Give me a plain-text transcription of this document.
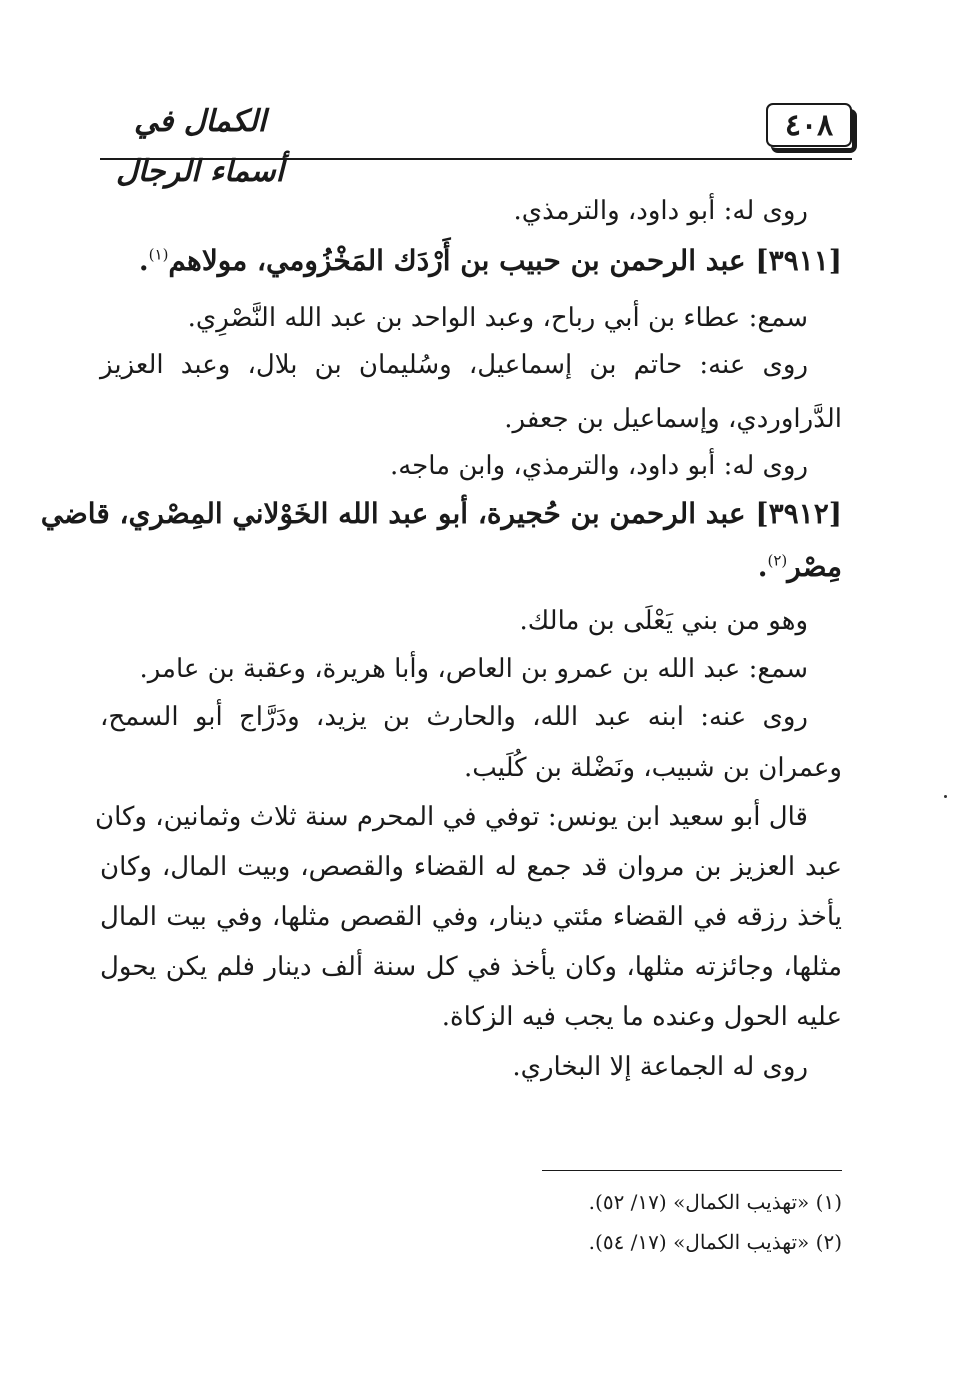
الكمال في أسماء الرجال
٤٠٨
روى له: أبو داود، والترمذي.
[٣٩١١] عبد الرحمن بن حبيب بن أَرْدَك المَخْزُومي، مولاهم$^{(١)}$.
سمع: عطاء بن أبي رباح، وعبد الواحد بن عبد الله النَّصْرِي.
روى عنه: حاتم بن إسماعيل، وسُليمان بن بلال، وعبد العزيز
الدَّراوردي، وإسماعيل بن جعفر.
روى له: أبو داود، والترمذي، وابن ماجه.
[٣٩١٢] عبد الرحمن بن حُجيرة، أبو عبد الله الخَوْلاني المِصْري، قاضي
مِصْر$^{(٢)}$.
وهو من بني يَعْلَى بن مالك.
سمع: عبد الله بن عمرو بن العاص، وأبا هريرة، وعقبة بن عامر.
روى عنه: ابنه عبد الله، والحارث بن يزيد، ودَرَّاج أبو السمح،
وعمران بن شبيب، ونَضْلة بن كُلَيب.
قال أبو سعيد ابن يونس: توفي في المحرم سنة ثلاث وثمانين، وكان
عبد العزيز بن مروان قد جمع له القضاء والقصص، وبيت المال، وكان
يأخذ رزقه في القضاء مئتي دينار، وفي القصص مثلها، وفي بيت المال
مثلها، وجائزته مثلها، وكان يأخذ في كل سنة ألف دينار فلم يكن يحول
عليه الحول وعنده ما يجب فيه الزكاة.
روى له الجماعة إلا البخاري.
(١) «تهذيب الكمال» (١٧/ ٥٢).
(٢) «تهذيب الكمال» (١٧/ ٥٤).
